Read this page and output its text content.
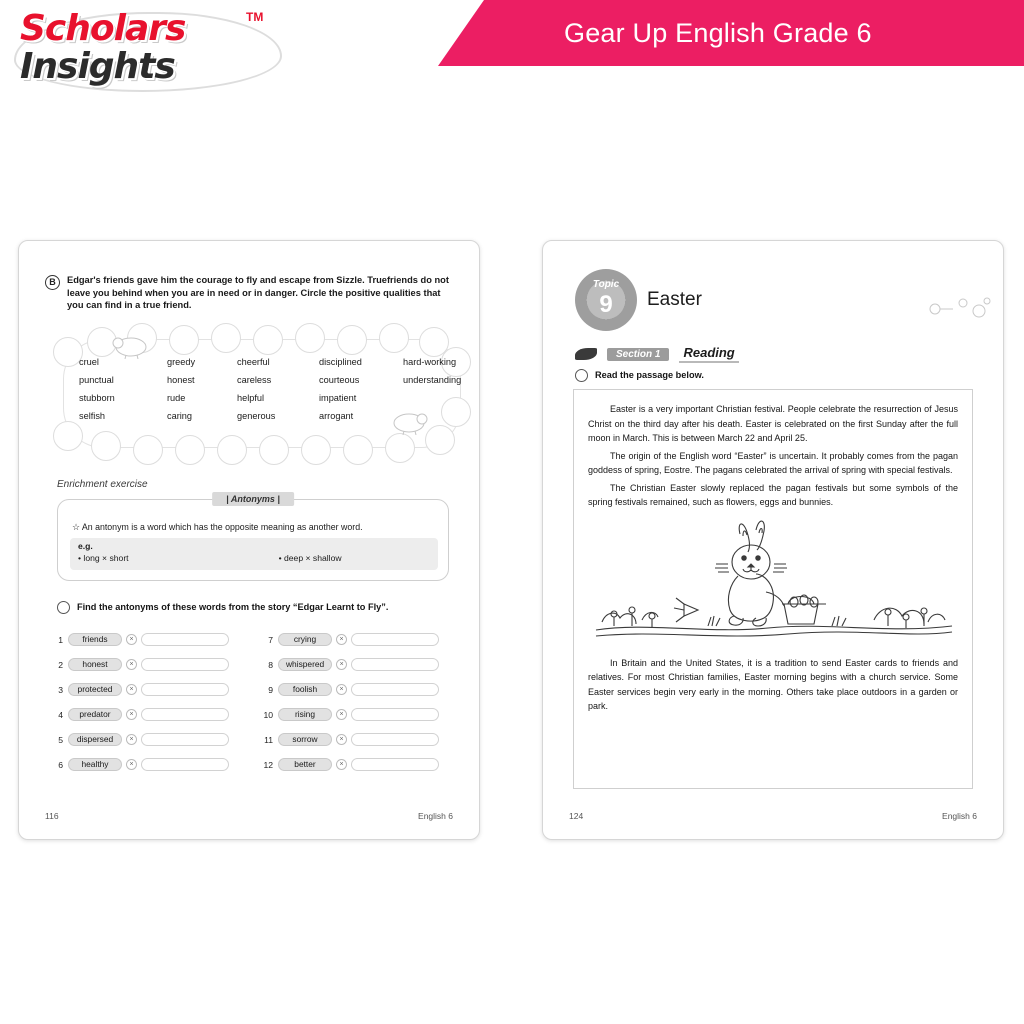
Scholars
Insights
TM
Gear Up English Grade 6
B	Edgar's friends gave him the courage to fly and escape from Sizzle. Truefriends do not leave you behind when you are in need or in danger. Circle the positive qualities that you can find in a true friend.
cruel	greedy	cheerful	disciplined	hard-working
punctual	honest	careless	courteous	understanding
stubborn	rude	helpful	impatient
selfish	caring	generous	arrogant
Enrichment exercise
| Antonyms |
☆ An antonym is a word which has the opposite meaning as another word.
e.g.
• long × short	• deep × shallow
Find the antonyms of these words from the story “Edgar Learnt to Fly”.
1	friends	×
2	honest	×
3	protected	×
4	predator	×
5	dispersed	×
6	healthy	×
7	crying	×
8	whispered	×
9	foolish	×
10	rising	×
11	sorrow	×
12	better	×
116	English 6
Topic
9	Easter
Section 1	Reading
Read the passage below.

Easter is a very important Christian festival. People celebrate the resurrection of Jesus Christ on the third day after his death. Easter is celebrated on the first Sunday after the full moon in March. This is between March 22 and April 25.

The origin of the English word “Easter” is uncertain. It probably comes from the pagan goddess of spring, Eostre. The pagans celebrated the arrival of spring with special festivals.

The Christian Easter slowly replaced the pagan festivals but some symbols of the spring festivals remained, such as flowers, eggs and bunnies.

In Britain and the United States, it is a tradition to send Easter cards to friends and relatives. For most Christian families, Easter morning begins with a church service. Some Easter services begin very early in the morning. Others take place outdoors in a garden or park.

124	English 6
